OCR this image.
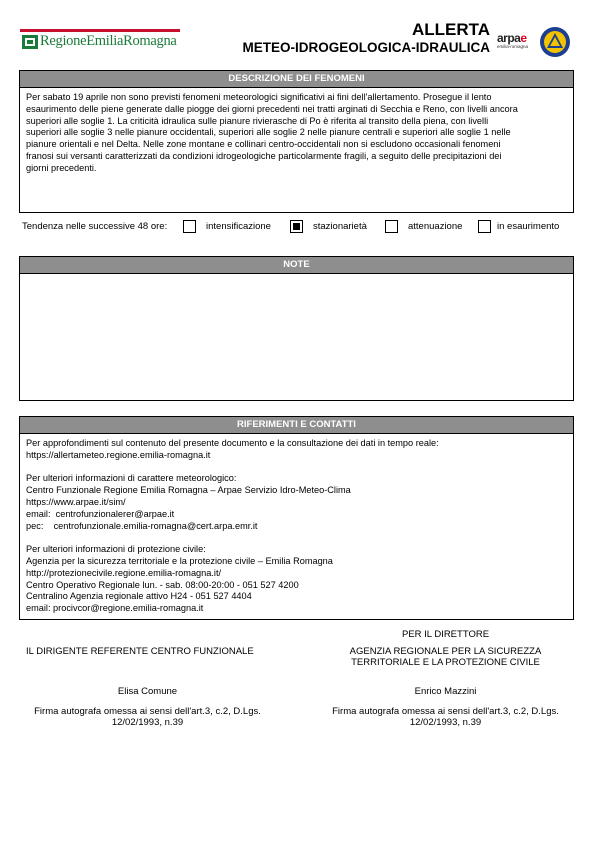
RegioneEmiliaRomagna
ALLERTA
METEO-IDROGEOLOGICA-IDRAULICA
arpae
emilia-romagna
DESCRIZIONE DEI FENOMENI
Per sabato 19 aprile non sono previsti fenomeni meteorologici significativi ai fini dell'allertamento. Prosegue il lento
esaurimento delle piene generate dalle piogge dei giorni precedenti nei tratti arginati di Secchia e Reno, con livelli ancora
superiori alle soglie 1. La criticità idraulica sulle pianure rivierasche di Po è riferita al transito della piena, con livelli
superiori alle soglie 3 nelle pianure occidentali, superiori alle soglie 2 nelle pianure centrali e superiori alle soglie 1 nelle
pianure orientali e nel Delta. Nelle zone montane e collinari centro-occidentali non si escludono occasionali fenomeni
franosi sui versanti caratterizzati da condizioni idrogeologiche particolarmente fragili, a seguito delle precipitazioni dei
giorni precedenti.
Tendenza nelle successive 48 ore:	intensificazione	stazionarietà	attenuazione	in esaurimento
NOTE
RIFERIMENTI E CONTATTI

Per approfondimenti sul contenuto del presente documento e la consultazione dei dati in tempo reale:
https://allertameteo.regione.emilia-romagna.it

Per ulteriori informazioni di carattere meteorologico:
Centro Funzionale Regione Emilia Romagna – Arpae Servizio Idro-Meteo-Clima
https://www.arpae.it/sim/
email:  centrofunzionalerer@arpae.it
pec:    centrofunzionale.emilia-romagna@cert.arpa.emr.it

Per ulteriori informazioni di protezione civile:
Agenzia per la sicurezza territoriale e la protezione civile – Emilia Romagna
http://protezionecivile.regione.emilia-romagna.it/
Centro Operativo Regionale lun. - sab. 08:00-20:00 - 051 527 4200
Centralino Agenzia regionale attivo H24 - 051 527 4404
email: procivcor@regione.emilia-romagna.it

IL DIRIGENTE REFERENTE CENTRO FUNZIONALE
Elisa Comune
Firma autografa omessa ai sensi dell'art.3, c.2, D.Lgs.
12/02/1993, n.39
PER IL DIRETTORE
AGENZIA REGIONALE PER LA SICUREZZA
TERRITORIALE E LA PROTEZIONE CIVILE
Enrico Mazzini
Firma autografa omessa ai sensi dell'art.3, c.2, D.Lgs.
12/02/1993, n.39
